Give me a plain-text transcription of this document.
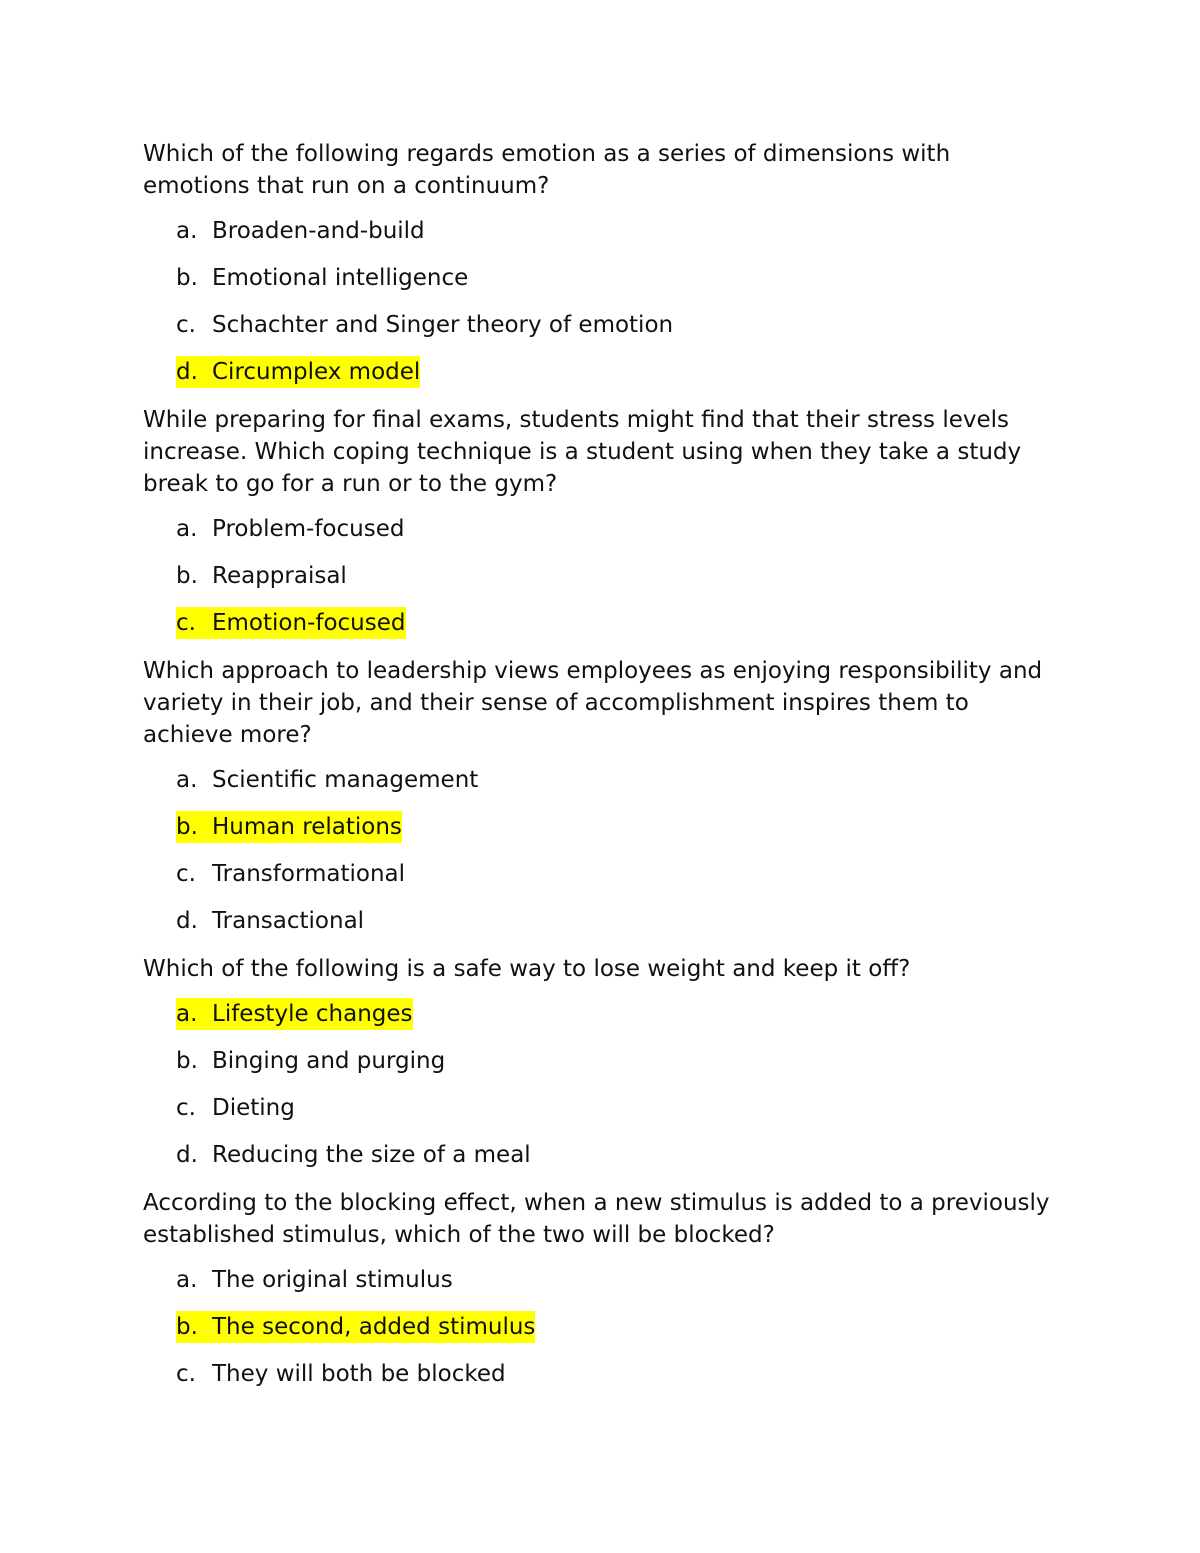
Which of the following regards emotion as a series of dimensions with emotions that run on a continuum?

a. Broaden-and-build
b. Emotional intelligence
c. Schachter and Singer theory of emotion
d. Circumplex model

While preparing for final exams, students might find that their stress levels increase. Which coping technique is a student using when they take a study break to go for a run or to the gym?

a. Problem-focused
b. Reappraisal
c. Emotion-focused

Which approach to leadership views employees as enjoying responsibility and variety in their job, and their sense of accomplishment inspires them to achieve more?

a. Scientific management
b. Human relations
c. Transformational
d. Transactional

Which of the following is a safe way to lose weight and keep it off?

a. Lifestyle changes
b. Binging and purging
c. Dieting
d. Reducing the size of a meal

According to the blocking effect, when a new stimulus is added to a previously established stimulus, which of the two will be blocked?

a. The original stimulus
b. The second, added stimulus
c. They will both be blocked
